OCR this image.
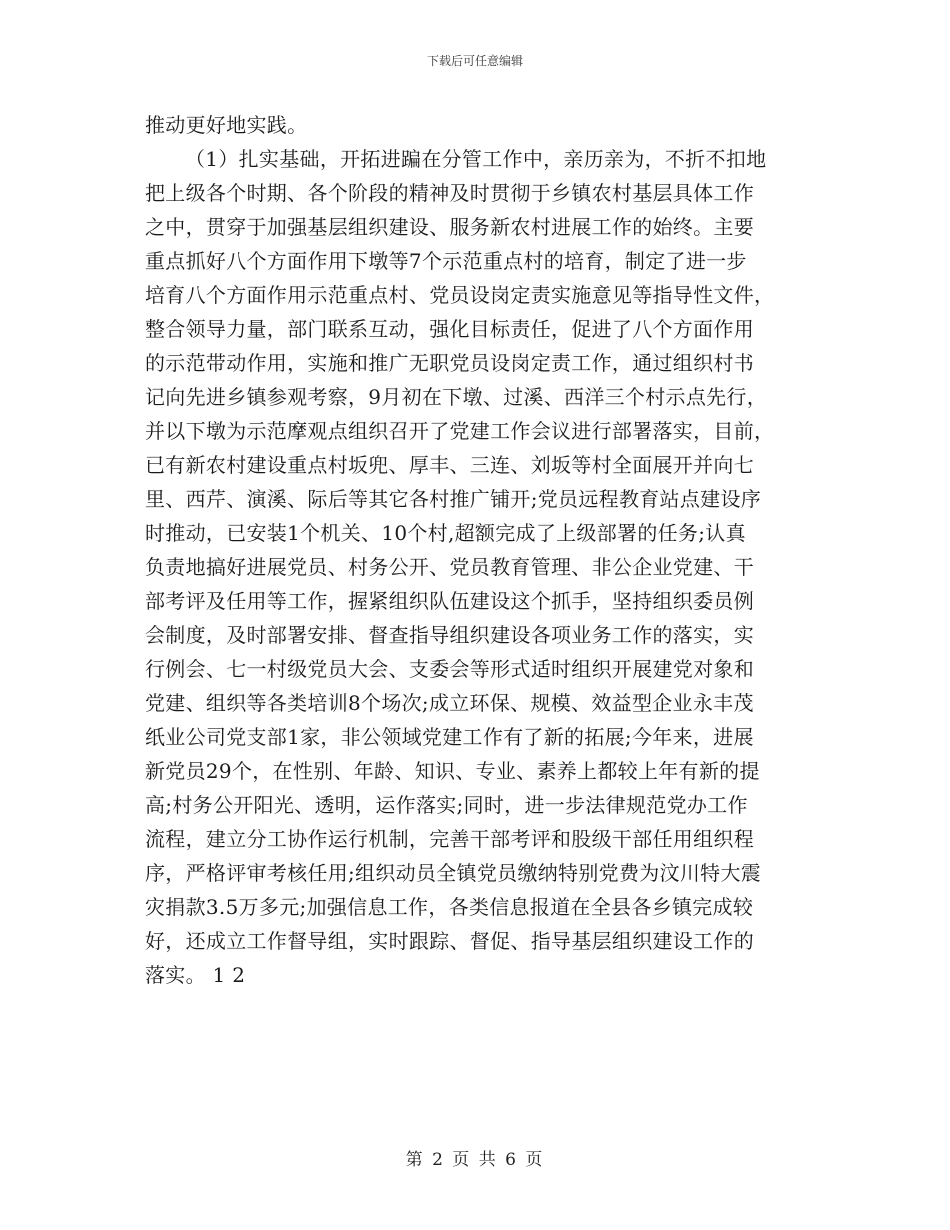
下载后可任意编辑
推动更好地实践。
（1）扎实基础，开拓进蹁在分管工作中，亲历亲为，不折不扣地
把上级各个时期、各个阶段的精神及时贯彻于乡镇农村基层具体工作
之中，贯穿于加强基层组织建设、服务新农村进展工作的始终。主要
重点抓好八个方面作用下墩等7个示范重点村的培育，制定了进一步
培育八个方面作用示范重点村、党员设岗定责实施意见等指导性文件，
整合领导力量，部门联系互动，强化目标责任，促进了八个方面作用
的示范带动作用，实施和推广无职党员设岗定责工作，通过组织村书
记向先进乡镇参观考察，9月初在下墩、过溪、西洋三个村示点先行，
并以下墩为示范摩观点组织召开了党建工作会议进行部署落实，目前，
已有新农村建设重点村坂兜、厚丰、三连、刘坂等村全面展开并向七
里、西芹、演溪、际后等其它各村推广铺开;党员远程教育站点建设序
时推动，已安装1个机关、10个村,超额完成了上级部署的任务;认真
负责地搞好进展党员、村务公开、党员教育管理、非公企业党建、干
部考评及任用等工作，握紧组织队伍建设这个抓手，坚持组织委员例
会制度，及时部署安排、督查指导组织建设各项业务工作的落实，实
行例会、七一村级党员大会、支委会等形式适时组织开展建党对象和
党建、组织等各类培训8个场次;成立环保、规模、效益型企业永丰茂
纸业公司党支部1家，非公领域党建工作有了新的拓展;今年来，进展
新党员29个，在性别、年龄、知识、专业、素养上都较上年有新的提
高;村务公开阳光、透明，运作落实;同时，进一步法律规范党办工作
流程，建立分工协作运行机制，完善干部考评和股级干部任用组织程
序，严格评审考核任用;组织动员全镇党员缴纳特别党费为汶川特大震
灾捐款3.5万多元;加强信息工作，各类信息报道在全县各乡镇完成较
好，还成立工作督导组，实时跟踪、督促、指导基层组织建设工作的
落实。 1 2
第 2 页 共 6 页
